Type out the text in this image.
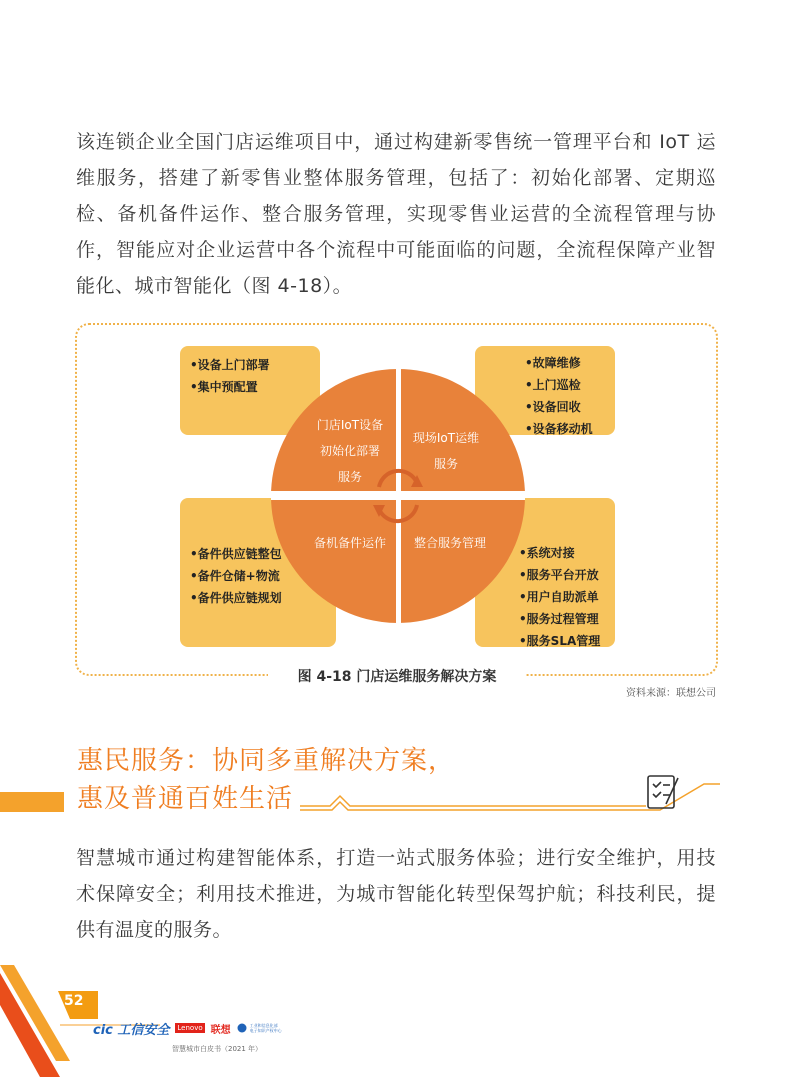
该连锁企业全国门店运维项目中，通过构建新零售统一管理平台和 IoT 运维服务，搭建了新零售业整体服务管理，包括了：初始化部署、定期巡检、备机备件运作、整合服务管理，实现零售业运营的全流程管理与协作，智能应对企业运营中各个流程中可能面临的问题，全流程保障产业智能化、城市智能化（图 4-18）。

• 设备上门部署
• 集中预配置
• 故障维修
• 上门巡检
• 设备回收
• 设备移动机
• 备件供应链整包
• 备件仓储+物流
• 备件供应链规划
• 系统对接
• 服务平台开放
• 用户自助派单
• 服务过程管理
• 服务SLA管理
门店IoT设备
初始化部署
服务
现场IoT运维
服务
备机备件运作	整合服务管理
图 4-18 门店运维服务解决方案
资料来源：联想公司
惠民服务：协同多重解决方案，
惠及普通百姓生活

智慧城市通过构建智能体系，打造一站式服务体验；进行安全维护，用技术保障安全；利用技术推进，为城市智能化转型保驾护航；科技利民，提供有温度的服务。

52
cic 工信安全 Lenovo 联想	工业和信息化部
电子知识产权中心
智慧城市白皮书（2021 年）
